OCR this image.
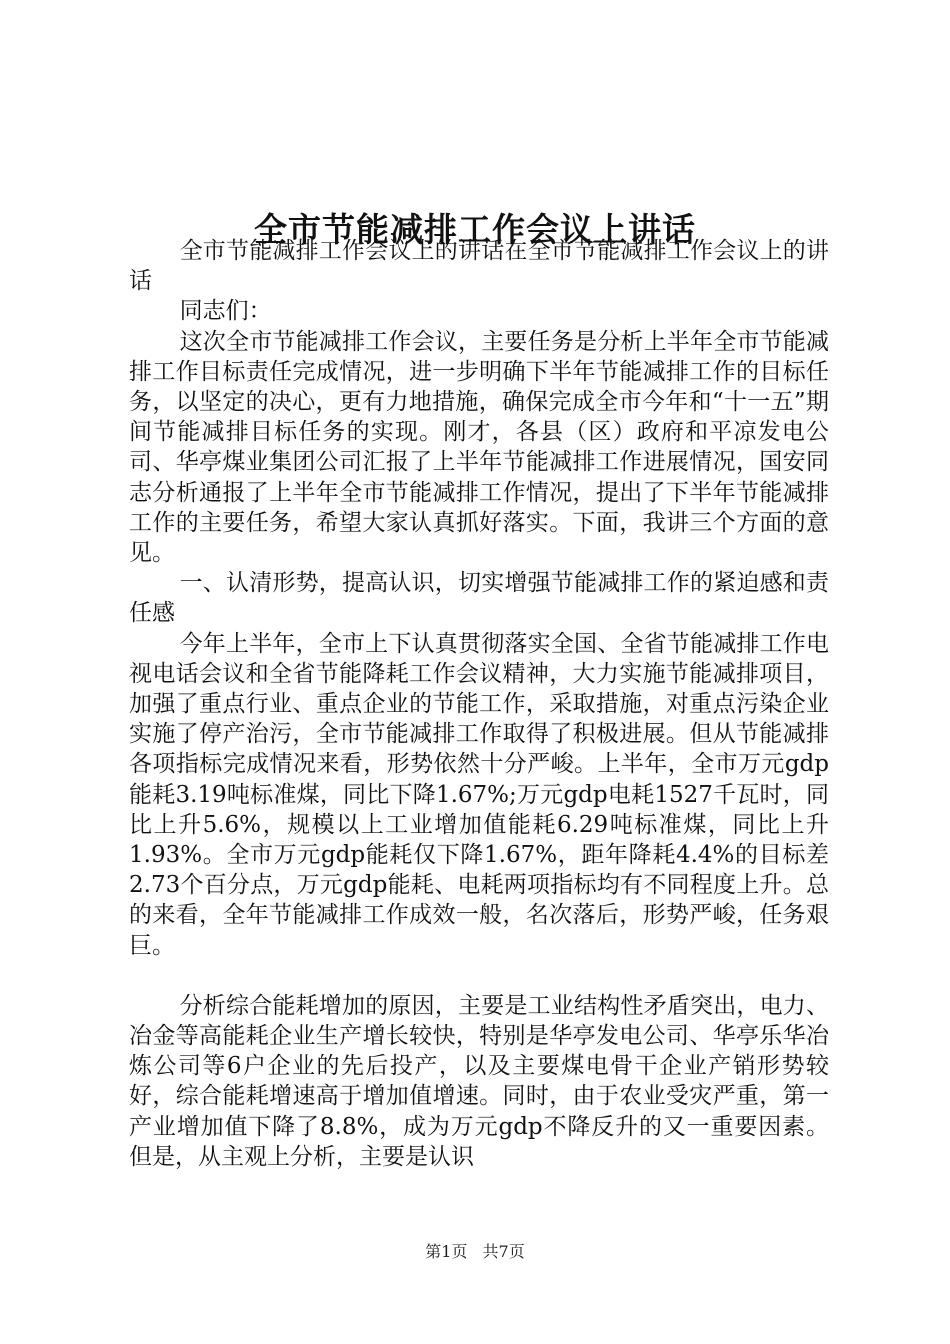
全市节能减排工作会议上讲话

全市节能减排工作会议上的讲话在全市节能减排工作会议上的讲话

同志们：

这次全市节能减排工作会议，主要任务是分析上半年全市节能减排工作目标责任完成情况，进一步明确下半年节能减排工作的目标任务，以坚定的决心，更有力地措施，确保完成全市今年和“十一五”期间节能减排目标任务的实现。刚才，各县（区）政府和平凉发电公司、华亭煤业集团公司汇报了上半年节能减排工作进展情况，国安同志分析通报了上半年全市节能减排工作情况，提出了下半年节能减排工作的主要任务，希望大家认真抓好落实。下面，我讲三个方面的意见。

一、认清形势，提高认识，切实增强节能减排工作的紧迫感和责任感

今年上半年，全市上下认真贯彻落实全国、全省节能减排工作电视电话会议和全省节能降耗工作会议精神，大力实施节能减排项目，加强了重点行业、重点企业的节能工作，采取措施，对重点污染企业实施了停产治污，全市节能减排工作取得了积极进展。但从节能减排各项指标完成情况来看，形势依然十分严峻。上半年，全市万元gdp能耗3.19吨标准煤，同比下降1.67%;万元gdp电耗1527千瓦时，同比上升5.6%，规模以上工业增加值能耗6.29吨标准煤，同比上升1.93%。全市万元gdp能耗仅下降1.67%，距年降耗4.4%的目标差2.73个百分点，万元gdp能耗、电耗两项指标均有不同程度上升。总的来看，全年节能减排工作成效一般，名次落后，形势严峻，任务艰巨。

分析综合能耗增加的原因，主要是工业结构性矛盾突出，电力、冶金等高能耗企业生产增长较快，特别是华亭发电公司、华亭乐华冶炼公司等6户企业的先后投产，以及主要煤电骨干企业产销形势较好，综合能耗增速高于增加值增速。同时，由于农业受灾严重，第一产业增加值下降了8.8%，成为万元gdp不降反升的又一重要因素。但是，从主观上分析，主要是认识

第1页 共7页
